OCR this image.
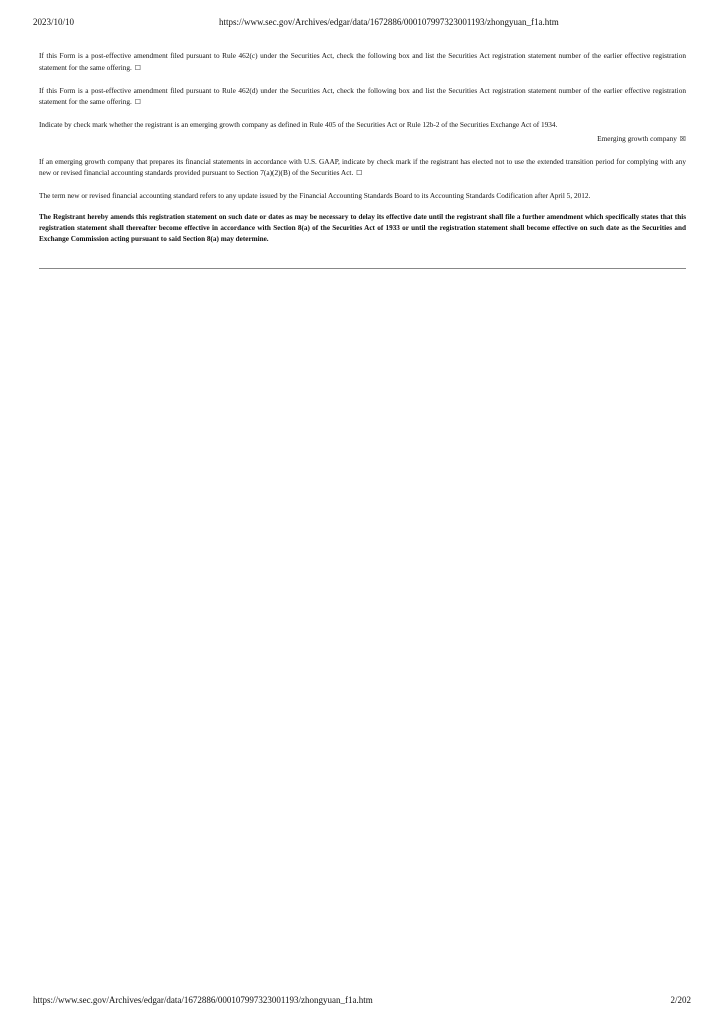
2023/10/10	https://www.sec.gov/Archives/edgar/data/1672886/000107997323001193/zhongyuan_f1a.htm

If this Form is a post-effective amendment filed pursuant to Rule 462(c) under the Securities Act, check the following box and list the Securities Act registration statement number of the earlier effective registration statement for the same offering. ☐

If this Form is a post-effective amendment filed pursuant to Rule 462(d) under the Securities Act, check the following box and list the Securities Act registration statement number of the earlier effective registration statement for the same offering. ☐

Indicate by check mark whether the registrant is an emerging growth company as defined in Rule 405 of the Securities Act or Rule 12b-2 of the Securities Exchange Act of 1934.

Emerging growth company ☒

If an emerging growth company that prepares its financial statements in accordance with U.S. GAAP, indicate by check mark if the registrant has elected not to use the extended transition period for complying with any new or revised financial accounting standards provided pursuant to Section 7(a)(2)(B) of the Securities Act. ☐

The term new or revised financial accounting standard refers to any update issued by the Financial Accounting Standards Board to its Accounting Standards Codification after April 5, 2012.

The Registrant hereby amends this registration statement on such date or dates as may be necessary to delay its effective date until the registrant shall file a further amendment which specifically states that this registration statement shall thereafter become effective in accordance with Section 8(a) of the Securities Act of 1933 or until the registration statement shall become effective on such date as the Securities and Exchange Commission acting pursuant to said Section 8(a) may determine.

https://www.sec.gov/Archives/edgar/data/1672886/000107997323001193/zhongyuan_f1a.htm	2/202
